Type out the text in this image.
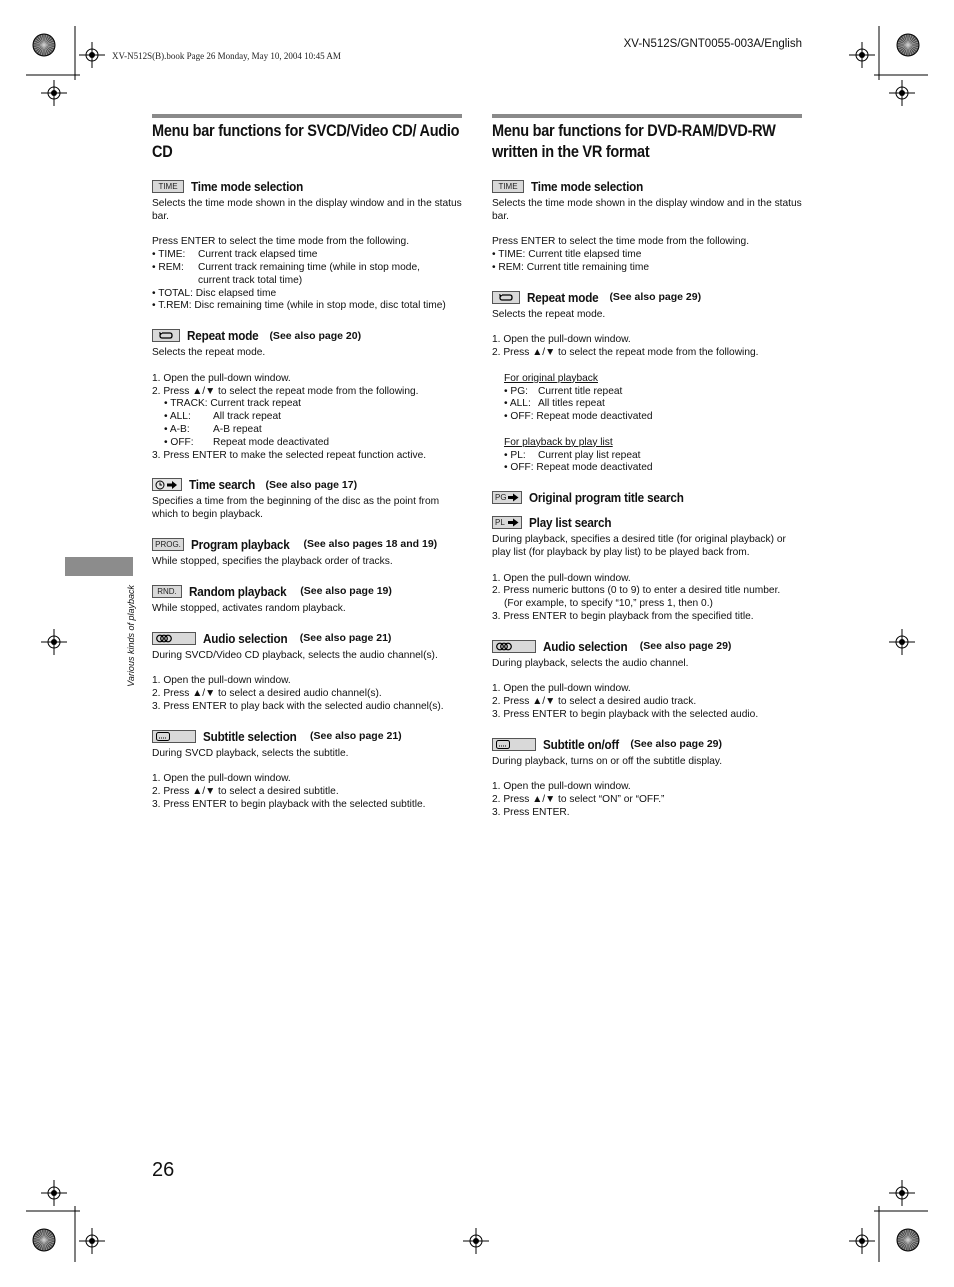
XV-N512S(B).book Page 26 Monday, May 10, 2004 10:45 AM
XV-N512S/GNT0055-003A/English
Various kinds of playback
26
Menu bar functions for SVCD/Video CD/ Audio CD
TIME	Time mode selection

Selects the time mode shown in the display window and in the status bar.

Press ENTER to select the time mode from the following.

• TIME: Current track elapsed time

• REM: Current track remaining time (while in stop mode,

current track total time)

• TOTAL: Disc elapsed time

• T.REM: Disc remaining time (while in stop mode, disc total time)

Repeat mode (See also page 20)

Selects the repeat mode.

1. Open the pull-down window.

2. Press ▲/▼ to select the repeat mode from the following.

• TRACK: Current track repeat

• ALL: All track repeat

• A-B: A-B repeat

• OFF: Repeat mode deactivated

3. Press ENTER to make the selected repeat function active.

Time search (See also page 17)

Specifies a time from the beginning of the disc as the point from which to begin playback.

PROG. Program playback (See also pages 18 and 19)

While stopped, specifies the playback order of tracks.

RND. Random playback (See also page 19)

While stopped, activates random playback.

Audio selection (See also page 21)

During SVCD/Video CD playback, selects the audio channel(s).

1. Open the pull-down window.

2. Press ▲/▼ to select a desired audio channel(s).

3. Press ENTER to play back with the selected audio channel(s).

Subtitle selection (See also page 21)

During SVCD playback, selects the subtitle.

1. Open the pull-down window.

2. Press ▲/▼ to select a desired subtitle.

3. Press ENTER to begin playback with the selected subtitle.

Menu bar functions for DVD-RAM/DVD-RW written in the VR format
TIME	Time mode selection

Selects the time mode shown in the display window and in the status bar.

Press ENTER to select the time mode from the following.

• TIME: Current title elapsed time

• REM: Current title remaining time

Repeat mode (See also page 29)

Selects the repeat mode.

1. Open the pull-down window.

2. Press ▲/▼ to select the repeat mode from the following.

For original playback

• PG: Current title repeat

• ALL: All titles repeat

• OFF: Repeat mode deactivated

For playback by play list

• PL: Current play list repeat

• OFF: Repeat mode deactivated

PG Original program title search
PL Play list search

During playback, specifies a desired title (for original playback) or play list (for playback by play list) to be played back from.

1. Open the pull-down window.

2. Press numeric buttons (0 to 9) to enter a desired title number.

(For example, to specify “10,” press 1, then 0.)

3. Press ENTER to begin playback from the specified title.

Audio selection (See also page 29)

During playback, selects the audio channel.

1. Open the pull-down window.

2. Press ▲/▼ to select a desired audio track.

3. Press ENTER to begin playback with the selected audio.

Subtitle on/off (See also page 29)

During playback, turns on or off the subtitle display.

1. Open the pull-down window.

2. Press ▲/▼ to select “ON” or “OFF.”

3. Press ENTER.
